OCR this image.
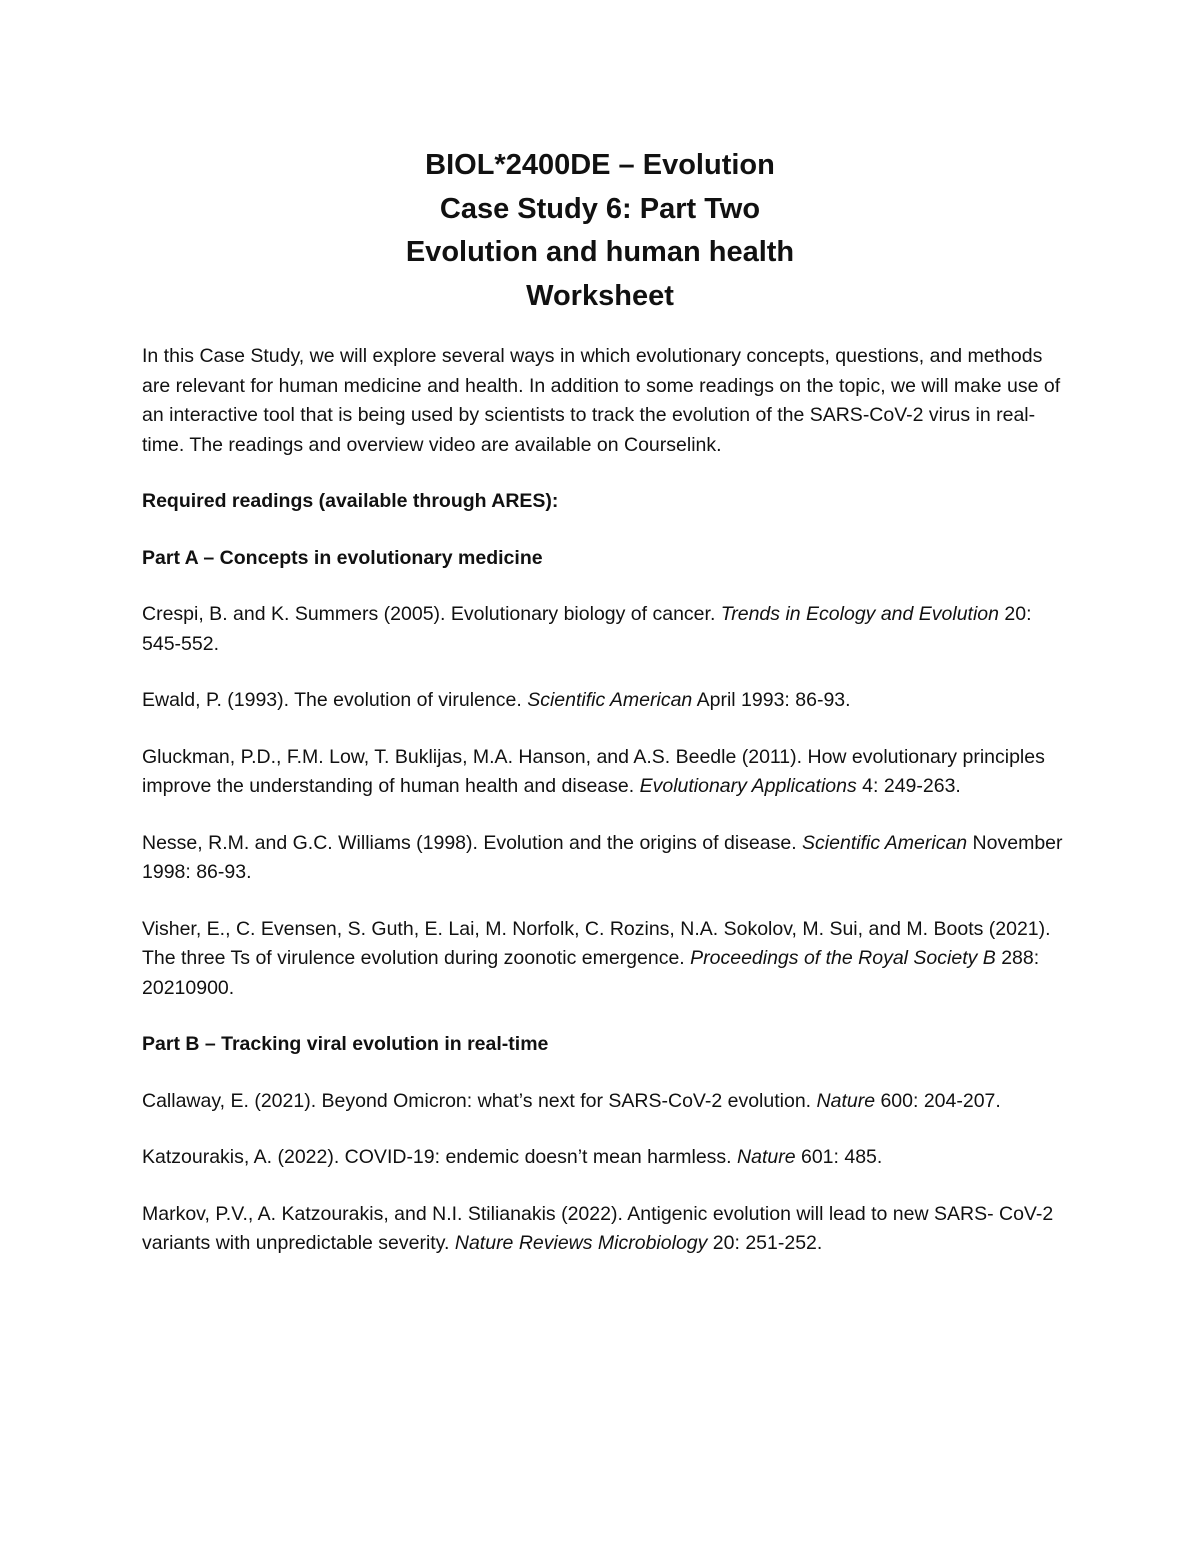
BIOL*2400DE – Evolution
Case Study 6: Part Two
Evolution and human health
Worksheet

In this Case Study, we will explore several ways in which evolutionary concepts, questions, and methods are relevant for human medicine and health. In addition to some readings on the topic, we will make use of an interactive tool that is being used by scientists to track the evolution of the SARS-CoV-2 virus in real-time. The readings and overview video are available on Courselink.

Required readings (available through ARES):

Part A – Concepts in evolutionary medicine

Crespi, B. and K. Summers (2005). Evolutionary biology of cancer. Trends in Ecology and Evolution 20: 545-552.

Ewald, P. (1993). The evolution of virulence. Scientific American April 1993: 86-93.

Gluckman, P.D., F.M. Low, T. Buklijas, M.A. Hanson, and A.S. Beedle (2011). How evolutionary principles improve the understanding of human health and disease. Evolutionary Applications 4: 249-263.

Nesse, R.M. and G.C. Williams (1998). Evolution and the origins of disease. Scientific American November 1998: 86-93.

Visher, E., C. Evensen, S. Guth, E. Lai, M. Norfolk, C. Rozins, N.A. Sokolov, M. Sui, and M. Boots (2021). The three Ts of virulence evolution during zoonotic emergence. Proceedings of the Royal Society B 288: 20210900.

Part B – Tracking viral evolution in real-time

Callaway, E. (2021). Beyond Omicron: what’s next for SARS-CoV-2 evolution. Nature 600: 204-207.

Katzourakis, A. (2022). COVID-19: endemic doesn’t mean harmless. Nature 601: 485.

Markov, P.V., A. Katzourakis, and N.I. Stilianakis (2022). Antigenic evolution will lead to new SARS- CoV-2 variants with unpredictable severity. Nature Reviews Microbiology 20: 251-252.
